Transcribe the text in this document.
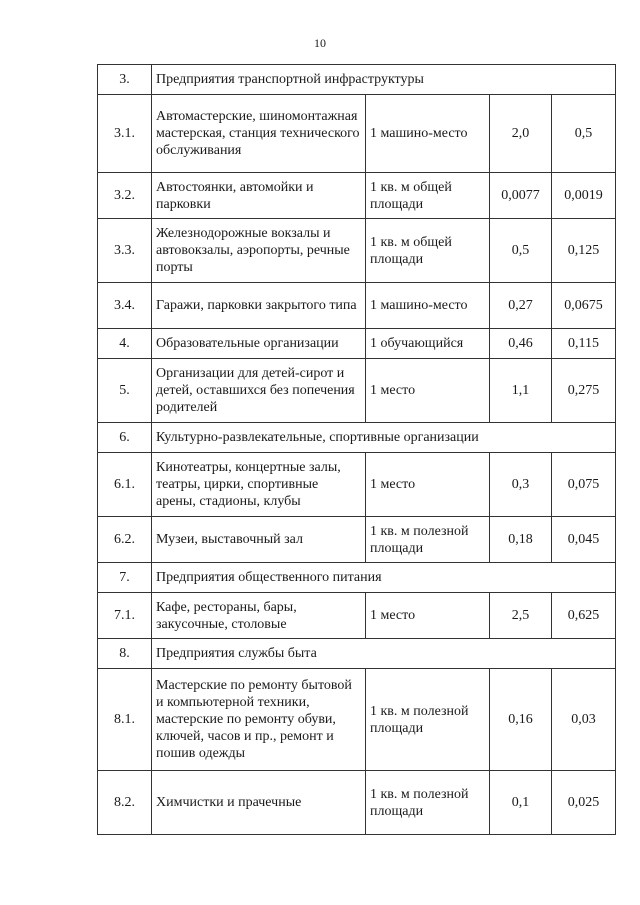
10
3.	Предприятия транспортной инфраструктуры			
3.1.	Автомастерские, шиномонтажная мастерская, станция технического обслуживания	1 машино-место	2,0	0,5
3.2.	Автостоянки, автомойки и парковки	1 кв. м общей площади	0,0077	0,0019
3.3.	Железнодорожные вокзалы и автовокзалы, аэропорты, речные порты	1 кв. м общей площади	0,5	0,125
3.4.	Гаражи, парковки закрытого типа	1 машино-место	0,27	0,0675
4.	Образовательные организации	1 обучающийся	0,46	0,115
5.	Организации для детей-сирот и детей, оставшихся без попечения родителей	1 место	1,1	0,275
6.	Культурно-развлекательные, спортивные организации			
6.1.	Кинотеатры, концертные залы, театры, цирки, спортивные арены, стадионы, клубы	1 место	0,3	0,075
6.2.	Музеи, выставочный зал	1 кв. м полезной площади	0,18	0,045
7.	Предприятия общественного питания			
7.1.	Кафе, рестораны, бары, закусочные, столовые	1 место	2,5	0,625
8.	Предприятия службы быта			
8.1.	Мастерские по ремонту бытовой и компьютерной техники, мастерские по ремонту обуви, ключей, часов и пр., ремонт и пошив одежды	1 кв. м полезной площади	0,16	0,03
8.2.	Химчистки и прачечные	1 кв. м полезной площади	0,1	0,025
